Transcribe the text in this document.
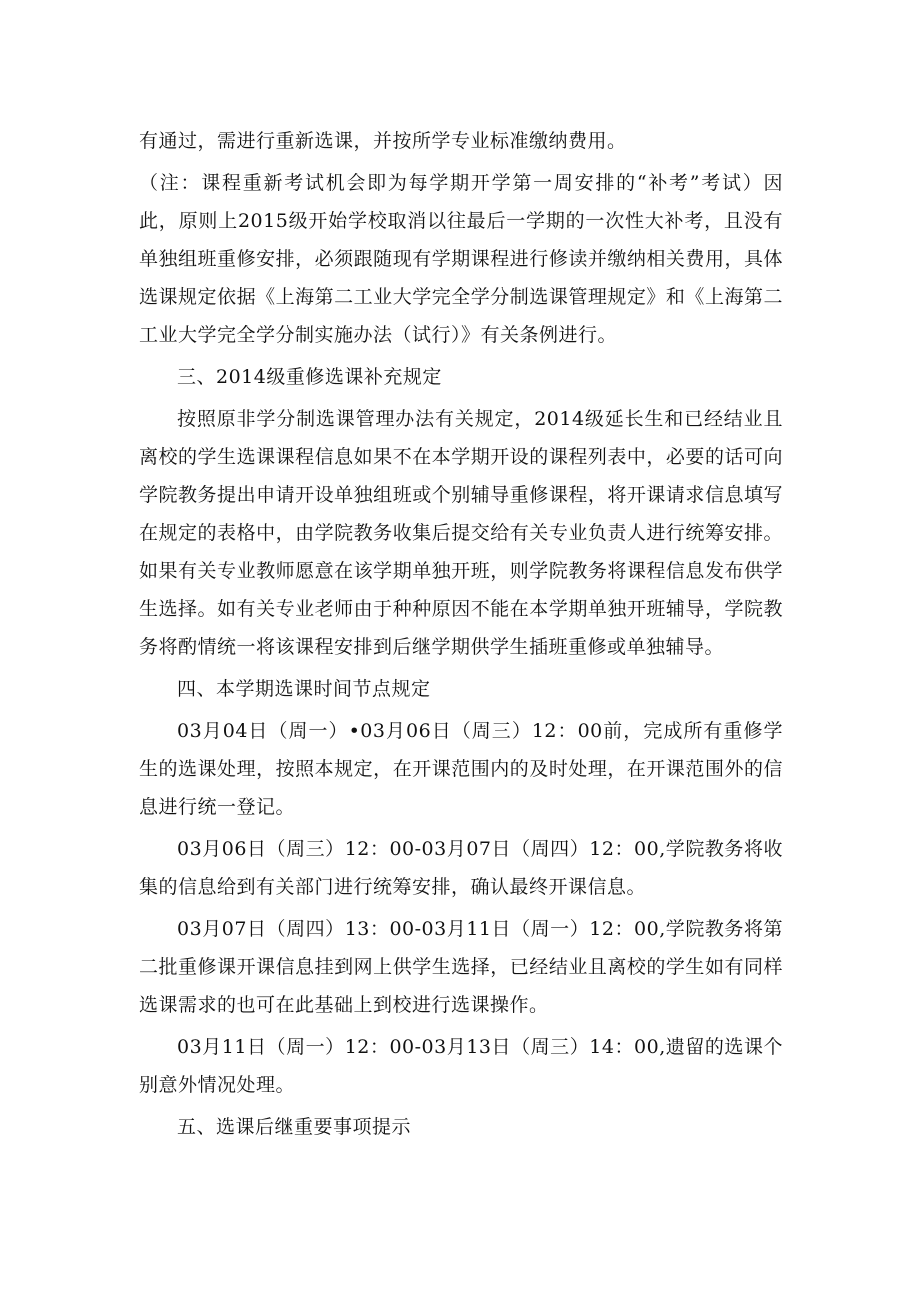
有通过，需进行重新选课，并按所学专业标准缴纳费用。

（注：课程重新考试机会即为每学期开学第一周安排的“补考”考试）因此，原则上2015级开始学校取消以往最后一学期的一次性大补考，且没有单独组班重修安排，必须跟随现有学期课程进行修读并缴纳相关费用，具体选课规定依据《上海第二工业大学完全学分制选课管理规定》和《上海第二工业大学完全学分制实施办法（试行）》有关条例进行。

三、2014级重修选课补充规定

按照原非学分制选课管理办法有关规定，2014级延长生和已经结业且离校的学生选课课程信息如果不在本学期开设的课程列表中，必要的话可向学院教务提出申请开设单独组班或个别辅导重修课程，将开课请求信息填写在规定的表格中，由学院教务收集后提交给有关专业负责人进行统筹安排。如果有关专业教师愿意在该学期单独开班，则学院教务将课程信息发布供学生选择。如有关专业老师由于种种原因不能在本学期单独开班辅导，学院教务将酌情统一将该课程安排到后继学期供学生插班重修或单独辅导。

四、本学期选课时间节点规定

03月04日（周一）•03月06日（周三）12：00前，完成所有重修学生的选课处理，按照本规定，在开课范围内的及时处理，在开课范围外的信息进行统一登记。

03月06日（周三）12：00-03月07日（周四）12：00,学院教务将收集的信息给到有关部门进行统筹安排，确认最终开课信息。

03月07日（周四）13：00-03月11日（周一）12：00,学院教务将第二批重修课开课信息挂到网上供学生选择，已经结业且离校的学生如有同样选课需求的也可在此基础上到校进行选课操作。

03月11日（周一）12：00-03月13日（周三）14：00,遗留的选课个别意外情况处理。

五、选课后继重要事项提示
